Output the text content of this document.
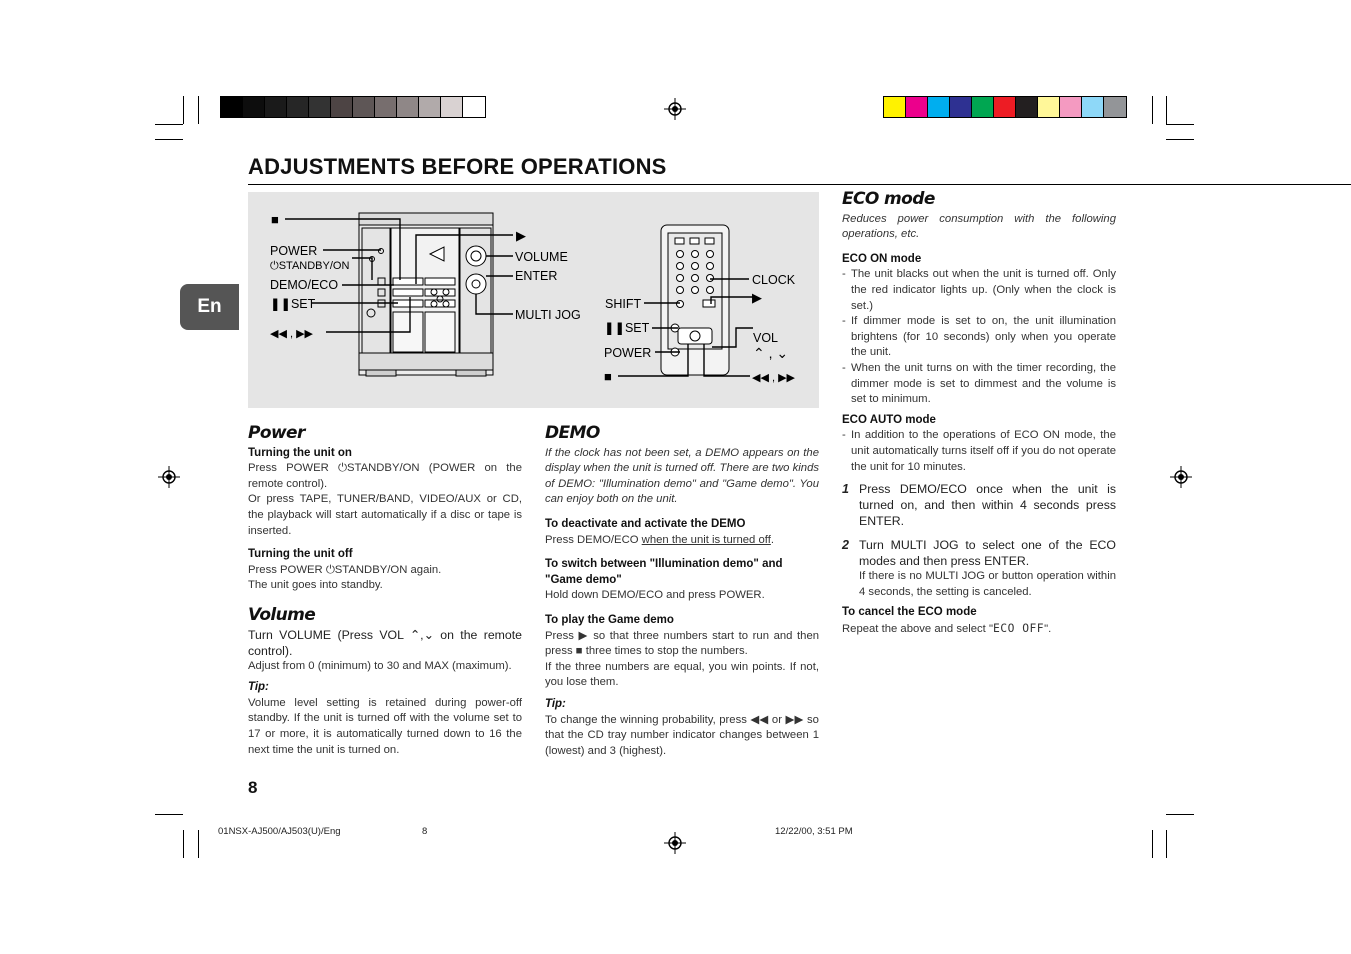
ADJUSTMENTS BEFORE OPERATIONS
En
■
POWER
⏻STANDBY/ON
DEMO/ECO
❚❚SET
◀◀ , ▶▶
▶
VOLUME
ENTER
MULTI JOG
CLOCK
SHIFT
❚❚SET
▶
VOL
⌃ , ⌄
POWER
■	◀◀ , ▶▶
Power
Turning the unit on

Press POWER ⏻STANDBY/ON (POWER on the remote control).

Or press TAPE, TUNER/BAND, VIDEO/AUX or CD, the playback will start automatically if a disc or tape is inserted.

Turning the unit off

Press POWER ⏻STANDBY/ON again.

The unit goes into standby.

Volume

Turn VOLUME (Press VOL ⌃,⌄ on the remote control).

Adjust from 0 (minimum) to 30 and MAX (maximum).

Tip:

Volume level setting is retained during power-off standby. If the unit is turned off with the volume set to 17 or more, it is automatically turned down to 16 the next time the unit is turned on.

DEMO

If the clock has not been set, a DEMO appears on the display when the unit is turned off. There are two kinds of DEMO: "Illumination demo" and "Game demo". You can enjoy both on the unit.

To deactivate and activate the DEMO

Press DEMO/ECO when the unit is turned off.

To switch between "Illumination demo" and "Game demo"

Hold down DEMO/ECO and press POWER.

To play the Game demo

Press ▶ so that three numbers start to run and then press ■ three times to stop the numbers.

If the three numbers are equal, you win points. If not, you lose them.

Tip:

To change the winning probability, press ◀◀ or ▶▶ so that the CD tray number indicator changes between 1 (lowest) and 3 (highest).

ECO mode

Reduces power consumption with the following operations, etc.

ECO ON mode
- The unit blacks out when the unit is turned off. Only the red indicator lights up. (Only when the clock is set.)
- If dimmer mode is set to on, the unit illumination brightens (for 10 seconds) only when you operate the unit.
- When the unit turns on with the timer recording, the dimmer mode is set to dimmest and the volume is set to minimum.
ECO AUTO mode
- In addition to the operations of ECO ON mode, the unit automatically turns itself off if you do not operate the unit for 10 minutes.
1 Press DEMO/ECO once when the unit is turned on, and then within 4 seconds press ENTER.

2 Turn MULTI JOG to select one of the ECO modes and then press ENTER.

If there is no MULTI JOG or button operation within 4 seconds, the setting is canceled.

To cancel the ECO mode

Repeat the above and select "ECO OFF".

8
01NSX-AJ500/AJ503(U)/Eng	8	12/22/00, 3:51 PM
